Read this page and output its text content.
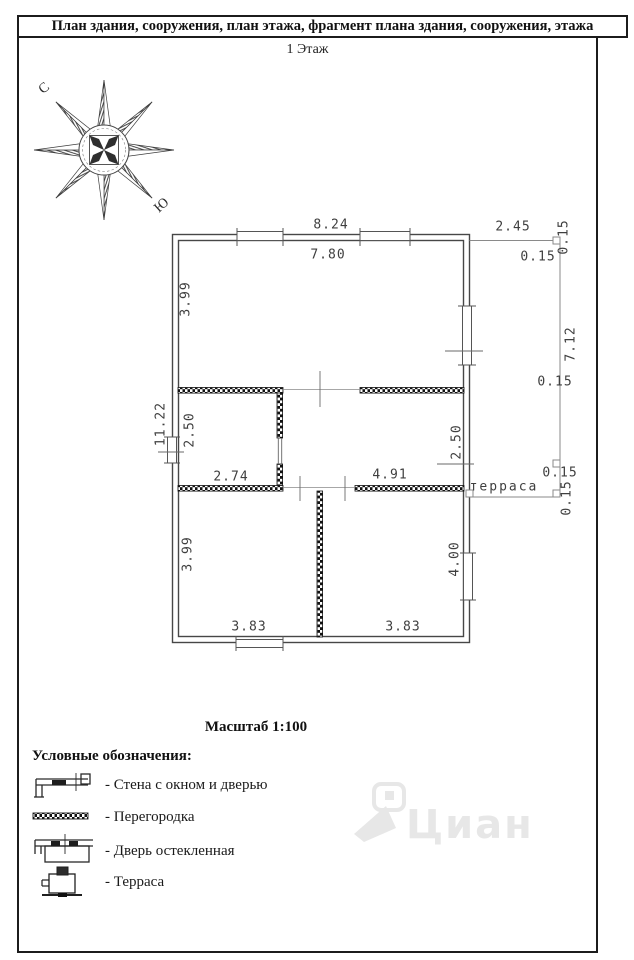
План здания, сооружения, план этажа, фрагмент плана здания, сооружения, этажа
1 Этаж
8.24	2.45 0.15
7.80	0.15
3.99
7.12
0.15
11.22 2.50	2.50
2.74	4.91	0.15
0.15
3.99	4.00
3.83	3.83
терраса
С
Ю
Масштаб 1:100
Условные обозначения:
- Стена с окном и дверью
- Перегородка
- Дверь остекленная
- Терраса
Циан
